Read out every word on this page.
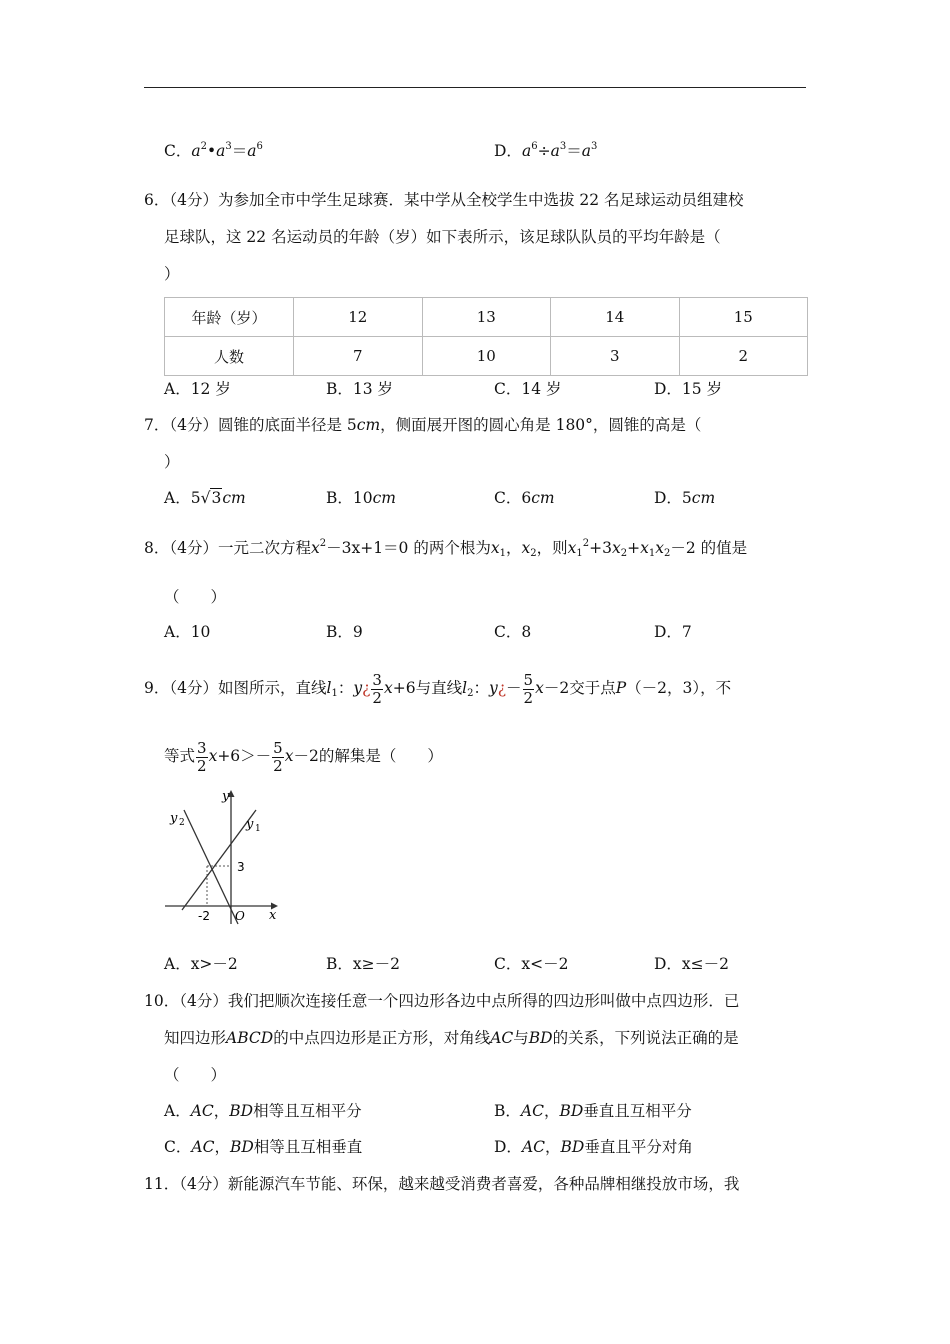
C．$a^2•a^3=a^6$	D．$a^6\div a^3=a^3$
6．（4分）为参加全市中学生足球赛．某中学从全校学生中选拔 22 名足球运动员组建校
足球队，这 22 名运动员的年龄（岁）如下表所示，该足球队队员的平均年龄是（
）
年龄（岁）	12	13	14	15
人数	7	10	3	2
A．12 岁	B．13 岁	C．14 岁	D．15 岁
7．（4分）圆锥的底面半径是 5cm，侧面展开图的圆心角是 180°，圆锥的高是（
）
A．5√3cm	B．10cm	C．6cm	D．5cm
8．（4分）一元二次方程$x^2-3x+1=0$ 的两个根为$x_1$，$x_2$，则$x_1^2+3x_2+x_1x_2-2$ 的值是
（　　）
A．10	B．9	C．8	D．7
9．（4分）如图所示，直线$l_1$：y¿ $\frac{3}{2} x+6$与直线$l_2$：y¿－ $\frac{5}{2} x-2$交于点P（－2，3），不
等式 $\frac{3}{2} x+6>- \frac{5}{2} x-2$的解集是（　　）
y
x
y 1
y 2
3
-2 O
A．x>－2	B．x≥－2	C．x<－2	D．x≤－2
10．（4分）我们把顺次连接任意一个四边形各边中点所得的四边形叫做中点四边形．已
知四边形ABCD的中点四边形是正方形，对角线AC与BD的关系，下列说法正确的是
（　　）
A．AC，BD相等且互相平分	B．AC，BD垂直且互相平分
C．AC，BD相等且互相垂直	D．AC，BD垂直且平分对角
11．（4分）新能源汽车节能、环保，越来越受消费者喜爱，各种品牌相继投放市场，我
